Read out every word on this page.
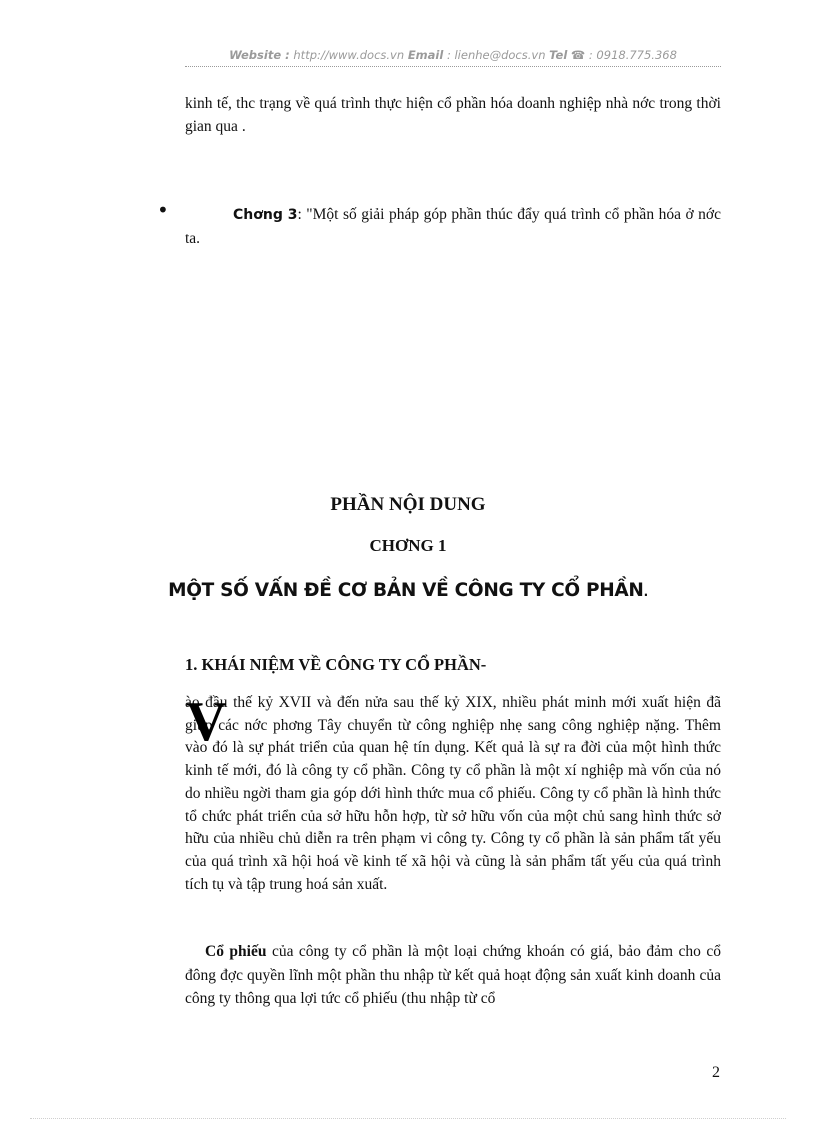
Website : http://www.docs.vn Email : lienhe@docs.vn Tel ☎ : 0918.775.368
kinh tế, thc trạng về quá trình thực hiện cổ phần hóa doanh nghiệp nhà nớc trong thời gian qua .
•	Chơng 3: "Một số giải pháp góp phần thúc đẩy quá trình cổ phần hóa ở nớc ta.
PHẦN NỘI DUNG
CHƠNG 1
MỘT SỐ VẤN ĐỀ CƠ BẢN VỀ CÔNG TY CỔ PHẦN.
1. KHÁI NIỆM VỀ CÔNG TY CỔ PHẦN-
ào đầu thế kỷ XVII và đến nửa sau thế kỷ XIX, nhiều phát minh mới xuất hiện đã giúp các nớc phơng Tây chuyển từ công nghiệp nhẹ sang công nghiệp nặng. Thêm vào đó là sự phát triển của quan hệ tín dụng. Kết quả là sự ra đời của một hình thức kinh tế mới, đó là công ty cổ phần. Công ty cổ phần là một xí nghiệp mà vốn của nó do nhiều ngời tham gia góp dới hình thức mua cổ phiếu. Công ty cổ phần là hình thức tổ chức phát triển của sở hữu hỗn hợp, từ sở hữu vốn của một chủ sang hình thức sở hữu của nhiều chủ diễn ra trên phạm vi công ty. Công ty cổ phần là sản phẩm tất yếu của quá trình xã hội hoá về kinh tế xã hội và cũng là sản phẩm tất yếu của quá trình tích tụ và tập trung hoá sản xuất.
V
Cổ phiếu của công ty cổ phần là một loại chứng khoán có giá, bảo đảm cho cổ đông đợc quyền lĩnh một phần thu nhập từ kết quả hoạt động sản xuất kinh doanh của công ty thông qua lợi tức cổ phiếu (thu nhập từ cổ
2
